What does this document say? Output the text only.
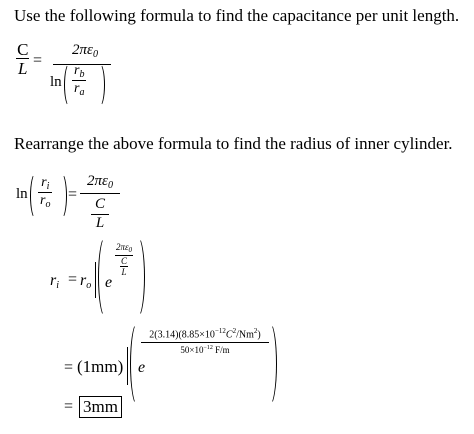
Use the following formula to find the capacitance per unit length.
$\frac{C}{L}$ =
$2\pi\varepsilon_0$
$\ln \frac{r_b}{r_a}$
Rearrange the above formula to find the radius of inner cylinder.
$\ln \frac{r_i}{r_o}$ =
$2\pi\varepsilon_0$
C
L
$r_i = r_o$ e
$2\pi\varepsilon_0$
C
L
= (1mm) e
$2(3.14)(8.85\times 10^{-12}C^2/Nm^2)$
$50\times 10^{-12}$ F/m
= 3mm
